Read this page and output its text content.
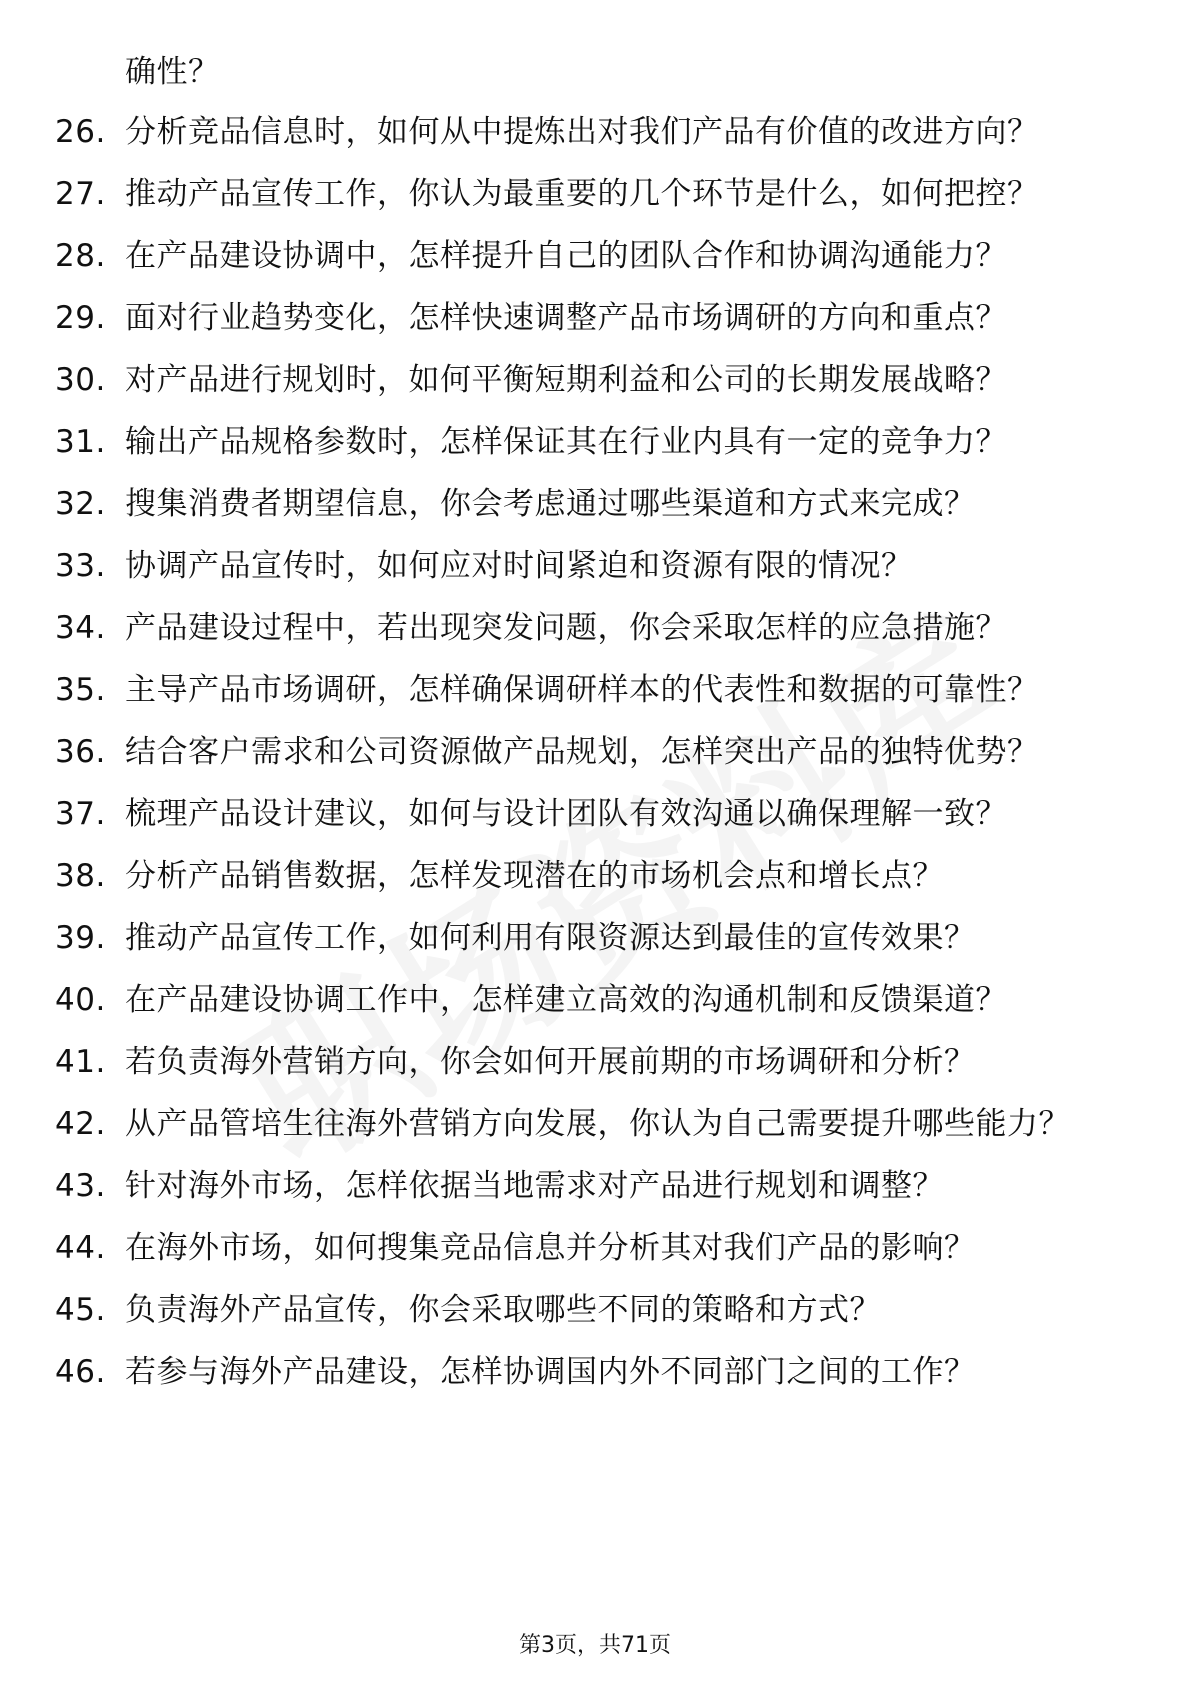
确性？
26. 分析竞品信息时，如何从中提炼出对我们产品有价值的改进方向？
27. 推动产品宣传工作，你认为最重要的几个环节是什么，如何把控？
28. 在产品建设协调中，怎样提升自己的团队合作和协调沟通能力？
29. 面对行业趋势变化，怎样快速调整产品市场调研的方向和重点？
30. 对产品进行规划时，如何平衡短期利益和公司的长期发展战略？
31. 输出产品规格参数时，怎样保证其在行业内具有一定的竞争力？
32. 搜集消费者期望信息，你会考虑通过哪些渠道和方式来完成？
33. 协调产品宣传时，如何应对时间紧迫和资源有限的情况？
34. 产品建设过程中，若出现突发问题，你会采取怎样的应急措施？
35. 主导产品市场调研，怎样确保调研样本的代表性和数据的可靠性？
36. 结合客户需求和公司资源做产品规划，怎样突出产品的独特优势？
37. 梳理产品设计建议，如何与设计团队有效沟通以确保理解一致？
38. 分析产品销售数据，怎样发现潜在的市场机会点和增长点？
39. 推动产品宣传工作，如何利用有限资源达到最佳的宣传效果？
40. 在产品建设协调工作中，怎样建立高效的沟通机制和反馈渠道？
41. 若负责海外营销方向，你会如何开展前期的市场调研和分析？
42. 从产品管培生往海外营销方向发展，你认为自己需要提升哪些能力？
43. 针对海外市场，怎样依据当地需求对产品进行规划和调整？
44. 在海外市场，如何搜集竞品信息并分析其对我们产品的影响？
45. 负责海外产品宣传，你会采取哪些不同的策略和方式？
46. 若参与海外产品建设，怎样协调国内外不同部门之间的工作？
第3页，共71页
